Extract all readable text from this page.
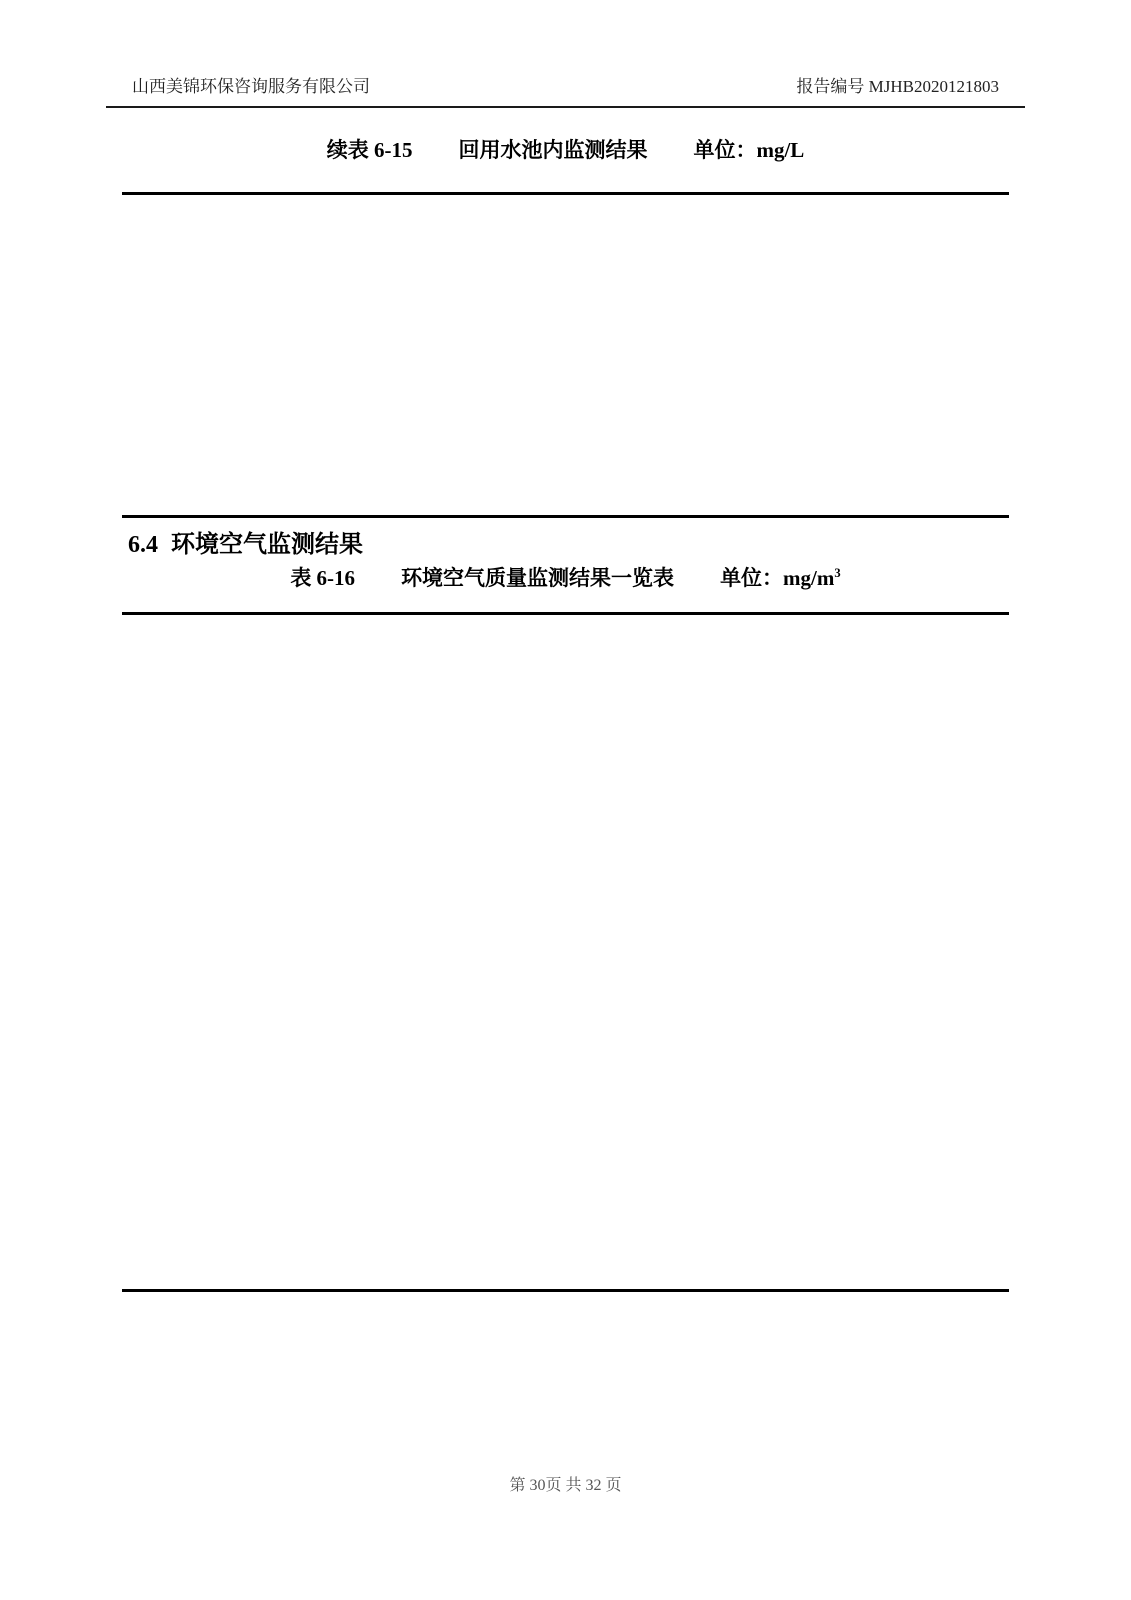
山西美锦环保咨询服务有限公司	报告编号 MJHB2020121803
续表 6-15 回用水池内监测结果 单位：mg/L

6.4 环境空气监测结果
表 6-16 环境空气质量监测结果一览表 单位：$mg/m^3$

第 30页 共 32 页
